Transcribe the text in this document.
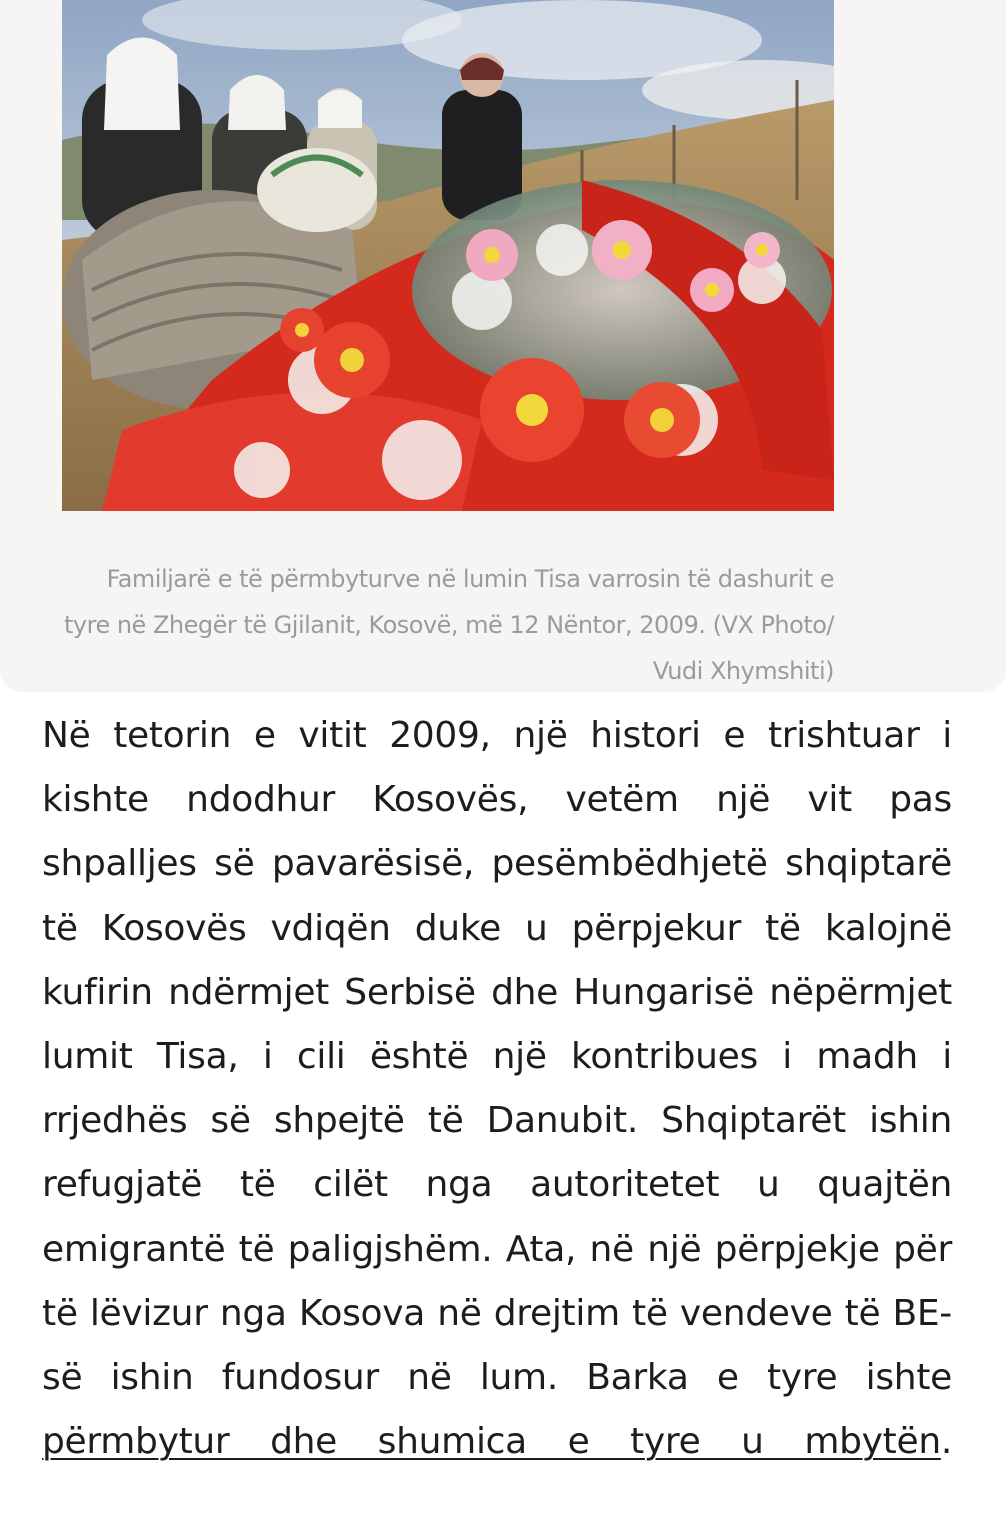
Familjarë e të përmbyturve në lumin Tisa varrosin të dashurit e tyre në Zhegër të Gjilanit, Kosovë, më 12 Nëntor, 2009. (VX Photo/ Vudi Xhymshiti)
Në tetorin e vitit 2009, një histori e trishtuar i kishte ndodhur Kosovës, vetëm një vit pas shpalljes së pavarësisë, pesëmbëdhjetë shqiptarë të Kosovës vdiqën duke u përpjekur të kalojnë kufirin ndërmjet Serbisë dhe Hungarisë nëpërmjet lumit Tisa, i cili është një kontribues i madh i rrjedhës së shpejtë të Danubit. Shqiptarët ishin refugjatë të cilët nga autoritetet u quajtën emigrantë të paligjshëm. Ata, në një përpjekje për të lëvizur nga Kosova në drejtim të vendeve të BE-së ishin fundosur në lum. Barka e tyre ishte përmbytur dhe shumica e tyre u mbytën.
